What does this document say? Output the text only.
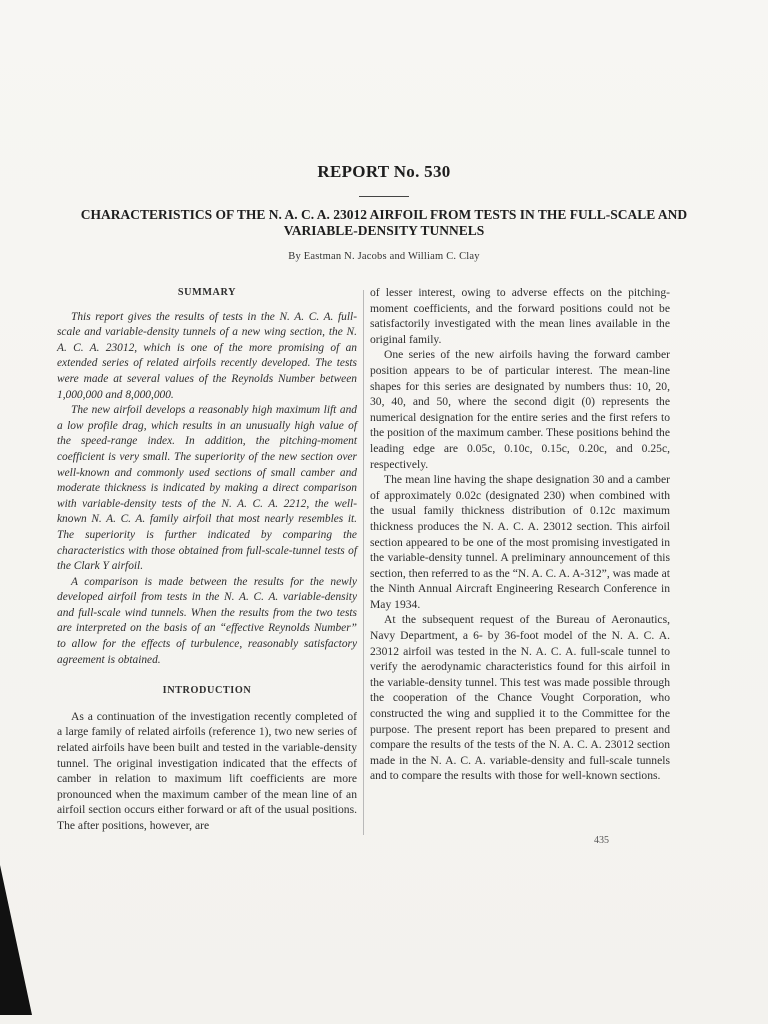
REPORT No. 530
CHARACTERISTICS OF THE N. A. C. A. 23012 AIRFOIL FROM TESTS IN THE FULL-SCALE AND VARIABLE-DENSITY TUNNELS
By Eastman N. Jacobs and William C. Clay
SUMMARY

This report gives the results of tests in the N. A. C. A. full-scale and variable-density tunnels of a new wing section, the N. A. C. A. 23012, which is one of the more promising of an extended series of related airfoils recently developed. The tests were made at several values of the Reynolds Number between 1,000,000 and 8,000,000.

The new airfoil develops a reasonably high maximum lift and a low profile drag, which results in an unusually high value of the speed-range index. In addition, the pitching-moment coefficient is very small. The superiority of the new section over well-known and commonly used sections of small camber and moderate thickness is indicated by making a direct comparison with variable-density tests of the N. A. C. A. 2212, the well-known N. A. C. A. family airfoil that most nearly resembles it. The superiority is further indicated by comparing the characteristics with those obtained from full-scale-tunnel tests of the Clark Y airfoil.

A comparison is made between the results for the newly developed airfoil from tests in the N. A. C. A. variable-density and full-scale wind tunnels. When the results from the two tests are interpreted on the basis of an “effective Reynolds Number” to allow for the effects of turbulence, reasonably satisfactory agreement is obtained.

INTRODUCTION

As a continuation of the investigation recently completed of a large family of related airfoils (reference 1), two new series of related airfoils have been built and tested in the variable-density tunnel. The original investigation indicated that the effects of camber in relation to maximum lift coefficients are more pronounced when the maximum camber of the mean line of an airfoil section occurs either forward or aft of the usual positions. The after positions, however, are

of lesser interest, owing to adverse effects on the pitching-moment coefficients, and the forward positions could not be satisfactorily investigated with the mean lines available in the original family.

One series of the new airfoils having the forward camber position appears to be of particular interest. The mean-line shapes for this series are designated by numbers thus: 10, 20, 30, 40, and 50, where the second digit (0) represents the numerical designation for the entire series and the first refers to the position of the maximum camber. These positions behind the leading edge are 0.05c, 0.10c, 0.15c, 0.20c, and 0.25c, respectively.

The mean line having the shape designation 30 and a camber of approximately 0.02c (designated 230) when combined with the usual family thickness distribution of 0.12c maximum thickness produces the N. A. C. A. 23012 section. This airfoil section appeared to be one of the most promising investigated in the variable-density tunnel. A preliminary announcement of this section, then referred to as the “N. A. C. A. A-312”, was made at the Ninth Annual Aircraft Engineering Research Conference in May 1934.

At the subsequent request of the Bureau of Aeronautics, Navy Department, a 6- by 36-foot model of the N. A. C. A. 23012 airfoil was tested in the N. A. C. A. full-scale tunnel to verify the aerodynamic characteristics found for this airfoil in the variable-density tunnel. This test was made possible through the cooperation of the Chance Vought Corporation, who constructed the wing and supplied it to the Committee for the purpose. The present report has been prepared to present and compare the results of the tests of the N. A. C. A. 23012 section made in the N. A. C. A. variable-density and full-scale tunnels and to compare the results with those for well-known sections.

435
